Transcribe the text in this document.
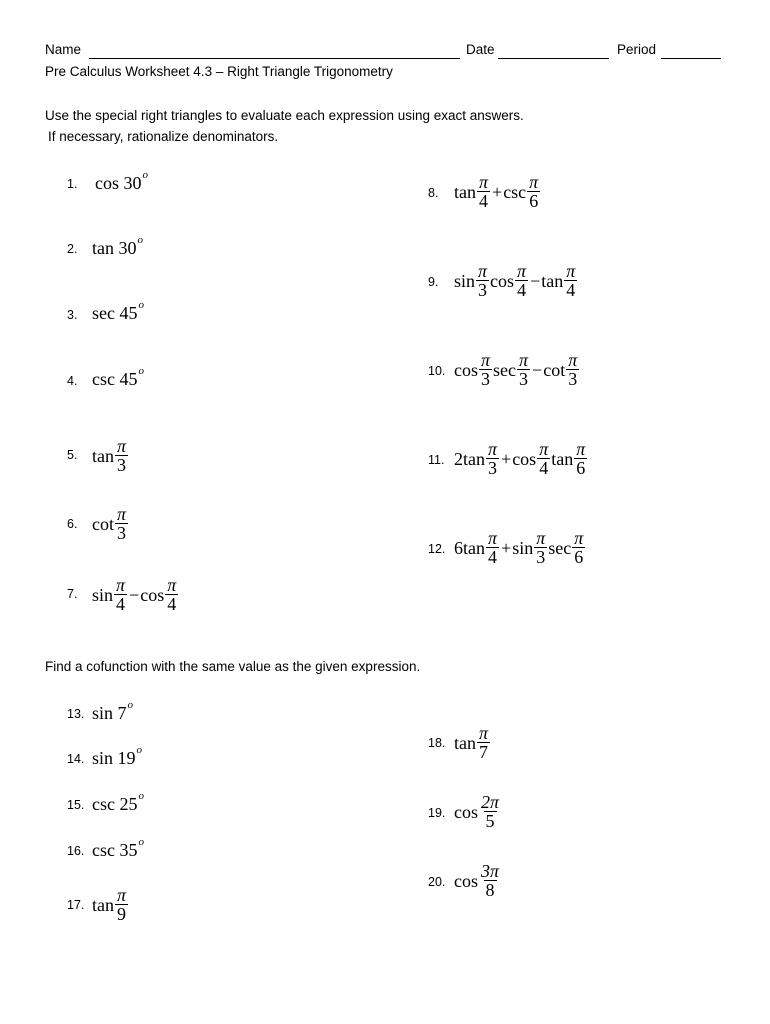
Name	Date	Period
Pre Calculus Worksheet 4.3 – Right Triangle Trigonometry
Use the special right triangles to evaluate each expression using exact answers.
If necessary, rationalize denominators.
1. cos
30 o
2. tan
30 o
3. sec
45 o
4. csc
45 o
5. $\tan \frac{\pi}{3}$
6. $\cot \frac{\pi}{3}$
7. $\sin \frac{\pi}{4} - \cos \frac{\pi}{4}$
8. $\tan \frac{\pi}{4} + \csc \frac{\pi}{6}$
9. $\sin \frac{\pi}{3}$ $\cos \frac{\pi}{4} - \tan \frac{\pi}{4}$
10. $\cos \frac{\pi}{3}$ $\sec \frac{\pi}{3} - \cot \frac{\pi}{3}$
11. 2 $\tan \frac{\pi}{3} + \cos \frac{\pi}{4}$ $\tan \frac{\pi}{6}$
12. 6 $\tan \frac{\pi}{4} + \sin \frac{\pi}{3}$ $\sec \frac{\pi}{6}$
Find a cofunction with the same value as the given expression.
13. sin
7 o
14. sin
19 o
15. csc
25 o
16. csc
35 o
17. $\tan \frac{\pi}{9}$
18. $\tan \frac{\pi}{7}$
19. $\cos \frac{2\pi}{5}$
20. $\cos \frac{3\pi}{8}$
